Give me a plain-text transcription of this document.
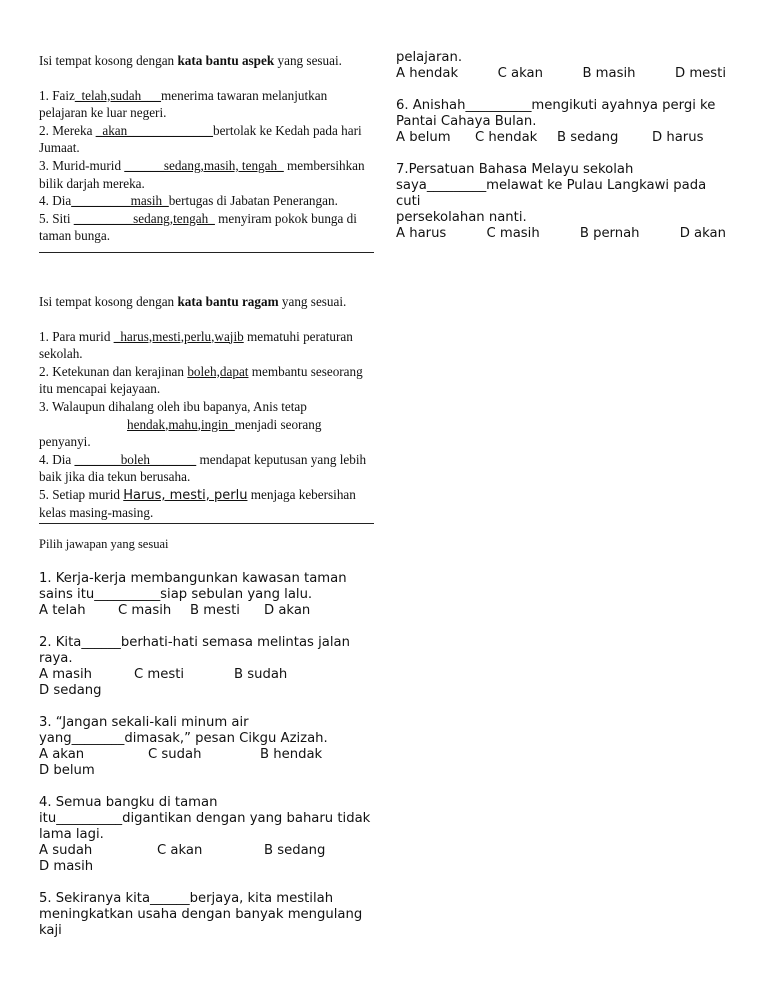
Isi tempat kosong dengan kata bantu aspek yang sesuai.

1. Faiz_telah,sudah___menerima tawaran melanjutkan pelajaran ke luar negeri.

2. Mereka _akan_____________bertolak ke Kedah pada hari Jumaat.

3. Murid-murid ______sedang,masih, tengah_ membersihkan bilik darjah mereka.

4. Dia_________masih_bertugas di Jabatan Penerangan.

5. Siti _________sedang,tengah_ menyiram pokok bunga di taman bunga.

Isi tempat kosong dengan kata bantu ragam yang sesuai.

1. Para murid _harus,mesti,perlu,wajib mematuhi peraturan sekolah.

2. Ketekunan dan kerajinan boleh,dapat membantu seseorang itu mencapai kejayaan.

3. Walaupun dihalang oleh ibu bapanya, Anis tetap
hendak,mahu,ingin_menjadi seorang penyanyi.

4. Dia _______boleh_______ mendapat keputusan yang lebih baik jika dia tekun berusaha.

5. Setiap murid Harus, mesti, perlu menjaga kebersihan kelas masing-masing.

Pilih jawapan yang sesuai

1. Kerja-kerja membangunkan kawasan taman sains itu__________siap sebulan yang lalu.

A telah	C masih	B mesti	D akan

2. Kita______berhati-hati semasa melintas jalan raya.

A masih	C mesti	B sudah
D sedang

3. “Jangan sekali-kali minum air yang________dimasak,” pesan Cikgu Azizah.

A akan	C sudah	B hendak
D belum

4. Semua bangku di taman itu__________digantikan dengan yang baharu tidak lama lagi.

A sudah	C akan	B sedang
D masih

5. Sekiranya kita______berjaya, kita mestilah meningkatkan usaha dengan banyak mengulang kaji

pelajaran.

A hendak	C akan	B masih	D mesti

6. Anishah__________mengikuti ayahnya pergi ke Pantai Cahaya Bulan.

A belum	C hendak	B sedang	D harus

7.Persatuan Bahasa Melayu sekolah saya_________melawat ke Pulau Langkawi pada cuti

persekolahan nanti.

A harus	C masih	B pernah	D akan
